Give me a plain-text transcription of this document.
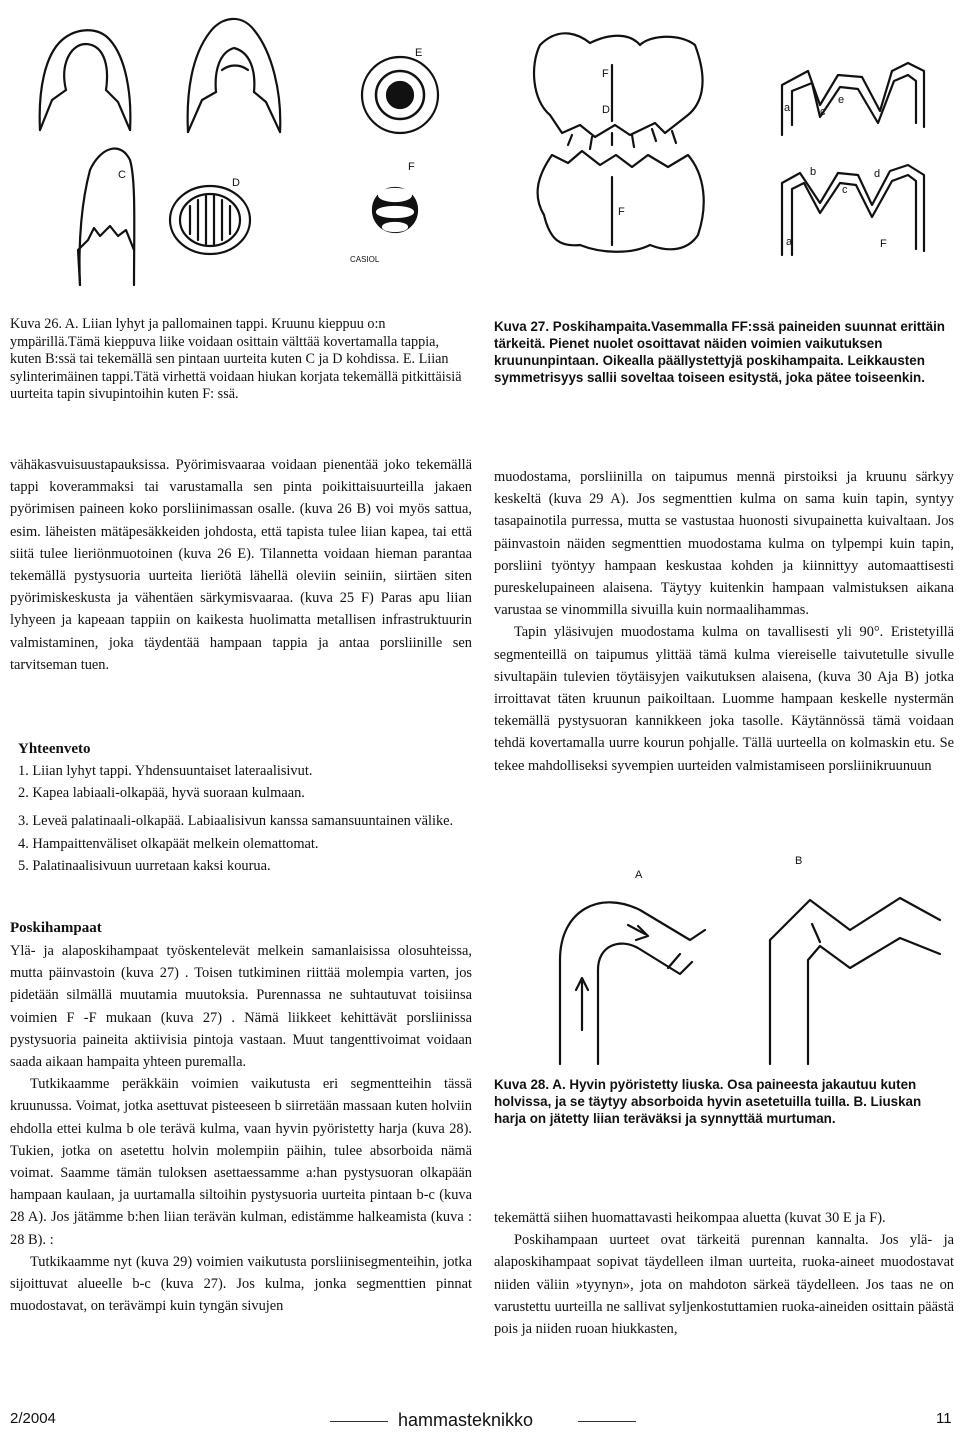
E
C
D
F
CASIOL
F
D
F
e
c
a
b
c
d
F
a
Kuva 26. A. Liian lyhyt ja pallomainen tappi. Kruunu kieppuu o:n ympärillä.Tämä kieppuva liike voidaan osittain välttää kovertamalla tappia, kuten B:ssä tai tekemällä sen pintaan uurteita kuten C ja D kohdissa. E. Liian sylinterimäinen tappi.Tätä virhettä voidaan hiukan korjata tekemällä pitkittäisiä uurteita tapin sivupintoihin kuten F: ssä.
Kuva 27. Poskihampaita.Vasemmalla FF:ssä paineiden suunnat erittäin tärkeitä. Pienet nuolet osoittavat näiden voimien vaikutuksen kruununpintaan. Oikealla päällystettyjä poskihampaita. Leikkausten symmetrisyys sallii soveltaa toiseen esitystä, joka pätee toiseenkin.

vähäkasvuisuustapauksissa. Pyörimisvaaraa voidaan pienentää joko tekemällä tappi koverammaksi tai varustamalla sen pinta poikittaisuurteilla jakaen pyörimisen paineen koko porsliinimassan osalle. (kuva 26 B) voi myös sattua, esim. läheisten mätäpesäkkeiden johdosta, että tapista tulee liian kapea, tai että siitä tulee lieriönmuotoinen (kuva 26 E). Tilannetta voidaan hieman parantaa tekemällä pystysuoria uurteita lieriötä lähellä oleviin seiniin, siirtäen siten pyörimiskeskusta ja vähentäen särkymisvaaraa. (kuva 25 F) Paras apu liian lyhyeen ja kapeaan tappiin on kaikesta huolimatta metallisen infrastruktuurin valmistaminen, joka täydentää hampaan tappia ja antaa porsliinille sen tarvitseman tuen.

Yhteenveto
1. Liian lyhyt tappi. Yhdensuuntaiset lateraalisivut.
2. Kapea labiaali-olkapää, hyvä suoraan kulmaan.
3. Leveä palatinaali-olkapää. Labiaalisivun kanssa samansuuntainen välike.
4. Hampaittenväliset olkapäät melkein olemattomat.
5. Palatinaalisivuun uurretaan kaksi kourua.
Poskihampaat

Ylä- ja alaposkihampaat työskentelevät melkein samanlaisissa olosuhteissa, mutta päinvastoin (kuva 27) . Toisen tutkiminen riittää molempia varten, jos pidetään silmällä muutamia muutoksia. Purennassa ne suhtautuvat toisiinsa voimien F -F mukaan (kuva 27) . Nämä liikkeet kehittävät porsliinissa pystysuoria paineita aktiivisia pintoja vastaan. Muut tangenttivoimat voidaan saada aikaan hampaita yhteen puremalla.

Tutkikaamme peräkkäin voimien vaikutusta eri segmentteihin tässä kruunussa. Voimat, jotka asettuvat pisteeseen b siirretään massaan kuten holviin ehdolla ettei kulma b ole terävä kulma, vaan hyvin pyöristetty harja (kuva 28). Tukien, jotka on asetettu holvin molempiin päihin, tulee absorboida nämä voimat. Saamme tämän tuloksen asettaessamme a:han pystysuoran olkapään hampaan kaulaan, ja uurtamalla siltoihin pystysuoria uurteita pintaan b-c (kuva 28 A). Jos jätämme b:hen liian terävän kulman, edistämme halkeamista (kuva : 28 B). :

Tutkikaamme nyt (kuva 29) voimien vaikutusta porsliinisegmenteihin, jotka sijoittuvat alueelle b-c (kuva 27). Jos kulma, jonka segmenttien pinnat muodostavat, on terävämpi kuin tyngän sivujen

muodostama, porsliinilla on taipumus mennä pirstoiksi ja kruunu särkyy keskeltä (kuva 29 A). Jos segmenttien kulma on sama kuin tapin, syntyy tasapainotila purressa, mutta se vastustaa huonosti sivupainetta kuivaltaan. Jos päinvastoin näiden segmenttien muodostama kulma on tylpempi kuin tapin, porsliini työntyy hampaan keskustaa kohden ja kiinnittyy automaattisesti pureskelupaineen alaisena. Täytyy kuitenkin hampaan valmistuksen aikana varustaa se vinommilla sivuilla kuin normaalihammas.

Tapin yläsivujen muodostama kulma on tavallisesti yli 90°. Eristetyillä segmenteillä on taipumus ylittää tämä kulma viereiselle taivutetulle sivulle sivultapäin tulevien töytäisyjen vaikutuksen alaisena, (kuva 30 Aja B) jotka irroittavat täten kruunun paikoiltaan. Luomme hampaan keskelle nystermän tekemällä pystysuoran kannikkeen joka tasolle. Käytännössä tämä voidaan tehdä kovertamalla uurre kourun pohjalle. Tällä uurteella on kolmaskin etu. Se tekee mahdolliseksi syvempien uurteiden valmistamiseen porsliinikruunuun

A
B
Kuva 28. A. Hyvin pyöristetty liuska. Osa paineesta jakautuu kuten holvissa, ja se täytyy absorboida hyvin asetetuilla tuilla. B. Liuskan harja on jätetty liian teräväksi ja synnyttää murtuman.

tekemättä siihen huomattavasti heikompaa aluetta (kuvat 30 E ja F).

Poskihampaan uurteet ovat tärkeitä purennan kannalta. Jos ylä- ja alaposkihampaat sopivat täydelleen ilman uurteita, ruoka-aineet muodostavat niiden väliin »tyynyn», jota on mahdoton särkeä täydelleen. Jos taas ne on varustettu uurteilla ne sallivat syljenkostuttamien ruoka-aineiden osittain päästä pois ja niiden ruoan hiukkasten,

2/2004	hammasteknikko	11
